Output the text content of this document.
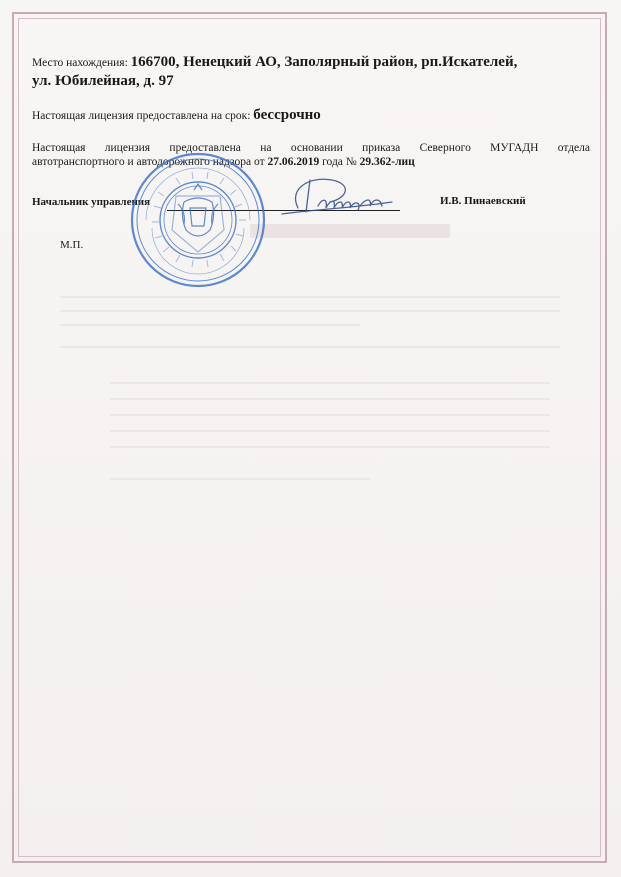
Место нахождения: 166700, Ненецкий АО, Заполярный район, рп.Искателей,
ул. Юбилейная, д. 97
Настоящая лицензия предоставлена на срок: бессрочно
Настоящая лицензия предоставлена на основании приказа Северного МУГАДН отдела
автотранспортного и автодорожного надзора от 27.06.2019 года № 29.362-лиц
Начальник управления	И.В. Пинаевский
М.П.
